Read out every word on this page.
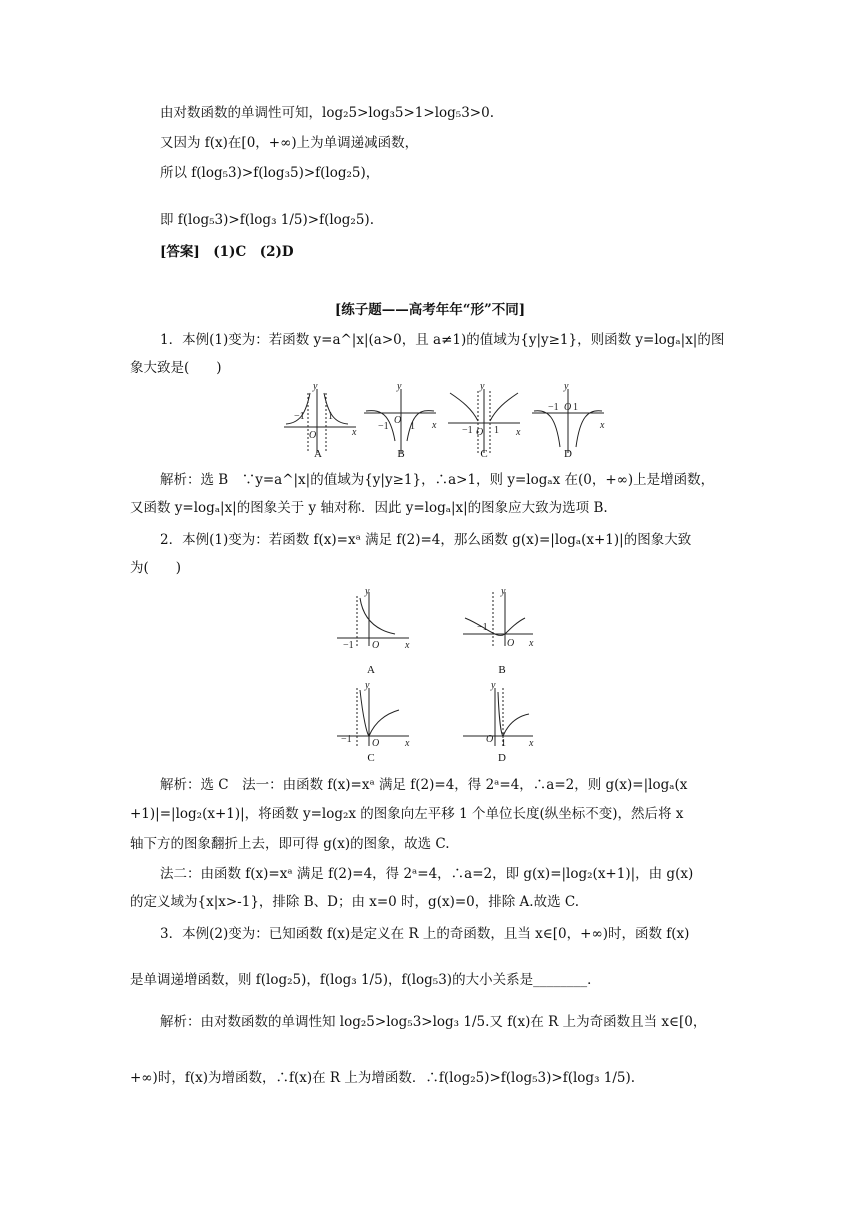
由对数函数的单调性可知，log₂5>log₃5>1>log₅3>0.
又因为 f(x)在[0，+∞)上为单调递减函数，
所以 f(log₅3)>f(log₃5)>f(log₂5)，
即 f(log₅3)>f(log₃ 1/5)>f(log₂5).
[答案]　(1)C　(2)D
[练子题——高考年年“形”不同]
1．本例(1)变为：若函数 y=a^|x|(a>0，且 a≠1)的值域为{y|y≥1}，则函数 y=logₐ|x|的图
象大致是(　　)
y
x
−1 1
O
y
x
−1 1
O
y
x
−1 1
O
y
x
−1 O 1
A	B	C	D
解析：选 B　∵y=a^|x|的值域为{y|y≥1}，∴a>1，则 y=logₐx 在(0，+∞)上是增函数，
又函数 y=logₐ|x|的图象关于 y 轴对称．因此 y=logₐ|x|的图象应大致为选项 B.
2．本例(1)变为：若函数 f(x)=xᵃ 满足 f(2)=4，那么函数 g(x)=|logₐ(x+1)|的图象大致
为(　　)
y
x
−1 O
y
x
−1
O
y
x
−1 O
y
x
O 1
A	B
C	D
解析：选 C　法一：由函数 f(x)=xᵃ 满足 f(2)=4，得 2ᵃ=4，∴a=2，则 g(x)=|logₐ(x
+1)|=|log₂(x+1)|，将函数 y=log₂x 的图象向左平移 1 个单位长度(纵坐标不变)，然后将 x
轴下方的图象翻折上去，即可得 g(x)的图象，故选 C.
法二：由函数 f(x)=xᵃ 满足 f(2)=4，得 2ᵃ=4，∴a=2，即 g(x)=|log₂(x+1)|，由 g(x)
的定义域为{x|x>-1}，排除 B、D；由 x=0 时，g(x)=0，排除 A.故选 C.
3．本例(2)变为：已知函数 f(x)是定义在 R 上的奇函数，且当 x∈[0，+∞)时，函数 f(x)
是单调递增函数，则 f(log₂5)，f(log₃ 1/5)，f(log₅3)的大小关系是________．
解析：由对数函数的单调性知 log₂5>log₅3>log₃ 1/5.又 f(x)在 R 上为奇函数且当 x∈[0，
+∞)时，f(x)为增函数，∴f(x)在 R 上为增函数．∴f(log₂5)>f(log₅3)>f(log₃ 1/5).
